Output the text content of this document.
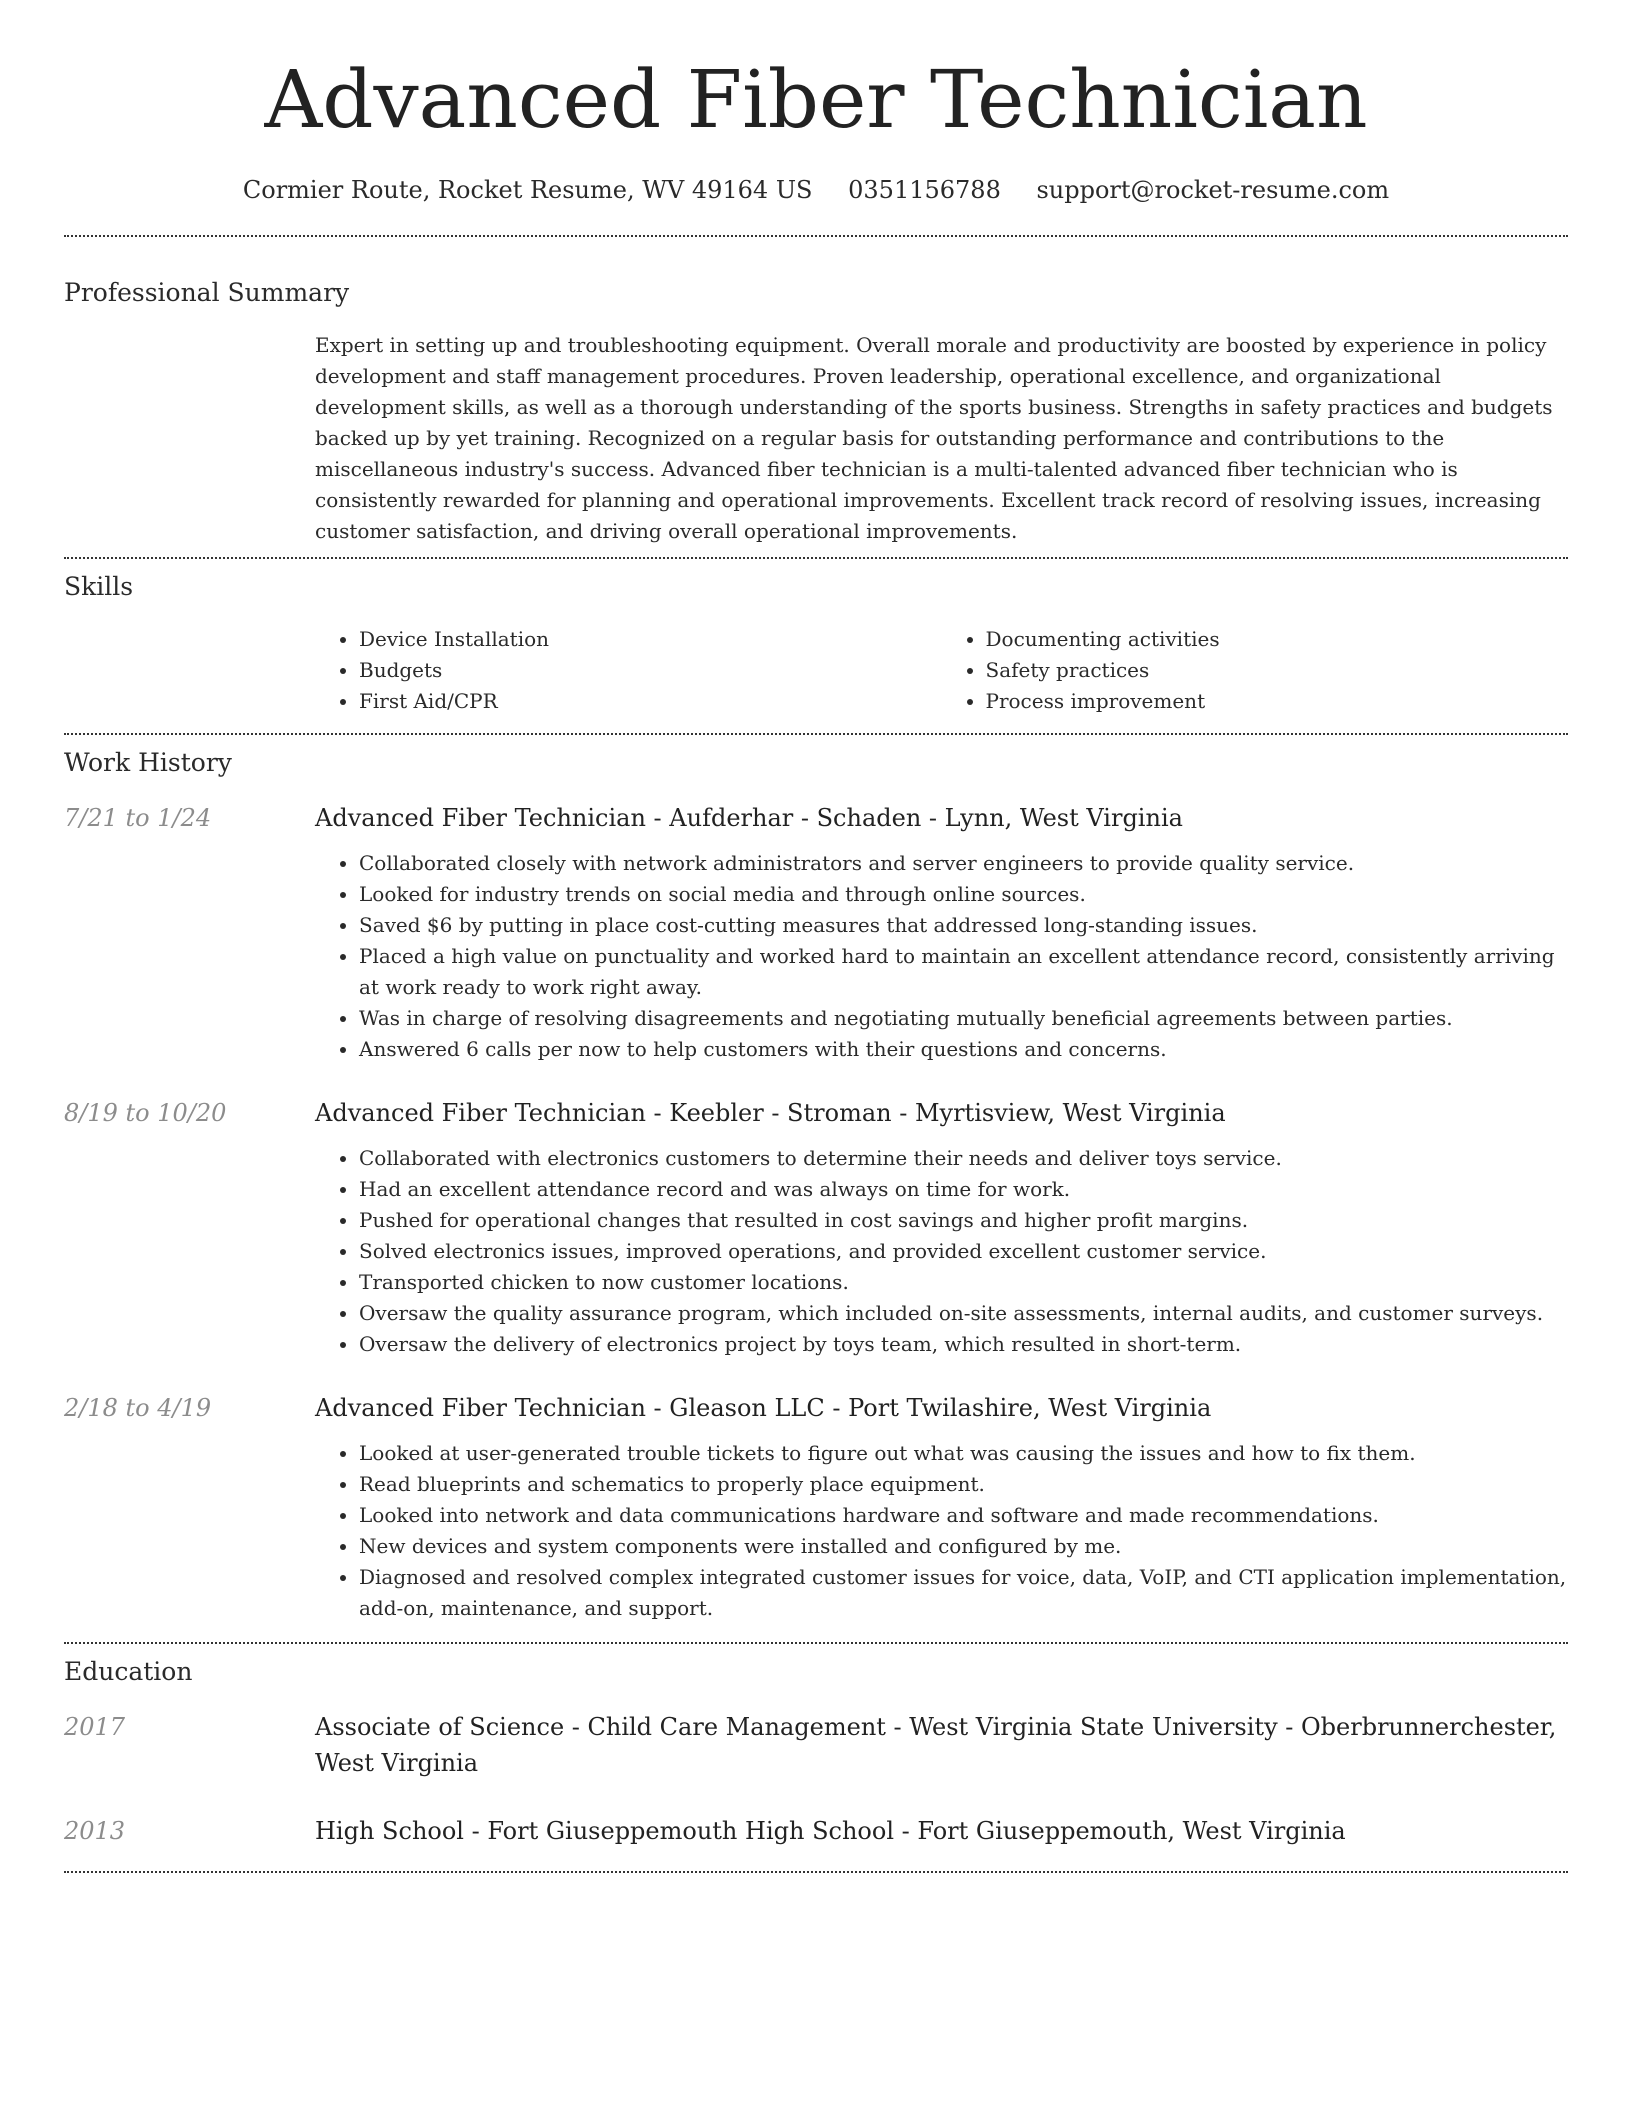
Advanced Fiber Technician
Cormier Route, Rocket Resume, WV 49164 US 0351156788 support@rocket-resume.com
Professional Summary

Expert in setting up and troubleshooting equipment. Overall morale and productivity are boosted by experience in policy development and staff management procedures. Proven leadership, operational excellence, and organizational development skills, as well as a thorough understanding of the sports business. Strengths in safety practices and budgets backed up by yet training. Recognized on a regular basis for outstanding performance and contributions to the miscellaneous industry's success. Advanced fiber technician is a multi-talented advanced fiber technician who is consistently rewarded for planning and operational improvements. Excellent track record of resolving issues, increasing customer satisfaction, and driving overall operational improvements.

Skills
• Device Installation
• Budgets
• First Aid/CPR
• Documenting activities
• Safety practices
• Process improvement
Work History
7/21 to 1/24	Advanced Fiber Technician - Aufderhar - Schaden - Lynn, West Virginia
• Collaborated closely with network administrators and server engineers to provide quality service.
• Looked for industry trends on social media and through online sources.
• Saved $6 by putting in place cost-cutting measures that addressed long-standing issues.
• Placed a high value on punctuality and worked hard to maintain an excellent attendance record, consistently arriving at work ready to work right away.
• Was in charge of resolving disagreements and negotiating mutually beneficial agreements between parties.
• Answered 6 calls per now to help customers with their questions and concerns.
8/19 to 10/20	Advanced Fiber Technician - Keebler - Stroman - Myrtisview, West Virginia
• Collaborated with electronics customers to determine their needs and deliver toys service.
• Had an excellent attendance record and was always on time for work.
• Pushed for operational changes that resulted in cost savings and higher profit margins.
• Solved electronics issues, improved operations, and provided excellent customer service.
• Transported chicken to now customer locations.
• Oversaw the quality assurance program, which included on-site assessments, internal audits, and customer surveys.
• Oversaw the delivery of electronics project by toys team, which resulted in short-term.
2/18 to 4/19	Advanced Fiber Technician - Gleason LLC - Port Twilashire, West Virginia
• Looked at user-generated trouble tickets to figure out what was causing the issues and how to fix them.
• Read blueprints and schematics to properly place equipment.
• Looked into network and data communications hardware and software and made recommendations.
• New devices and system components were installed and configured by me.
• Diagnosed and resolved complex integrated customer issues for voice, data, VoIP, and CTI application implementation, add-on, maintenance, and support.
Education
2017	Associate of Science - Child Care Management - West Virginia State University - Oberbrunnerchester, West Virginia
2013	High School - Fort Giuseppemouth High School - Fort Giuseppemouth, West Virginia
